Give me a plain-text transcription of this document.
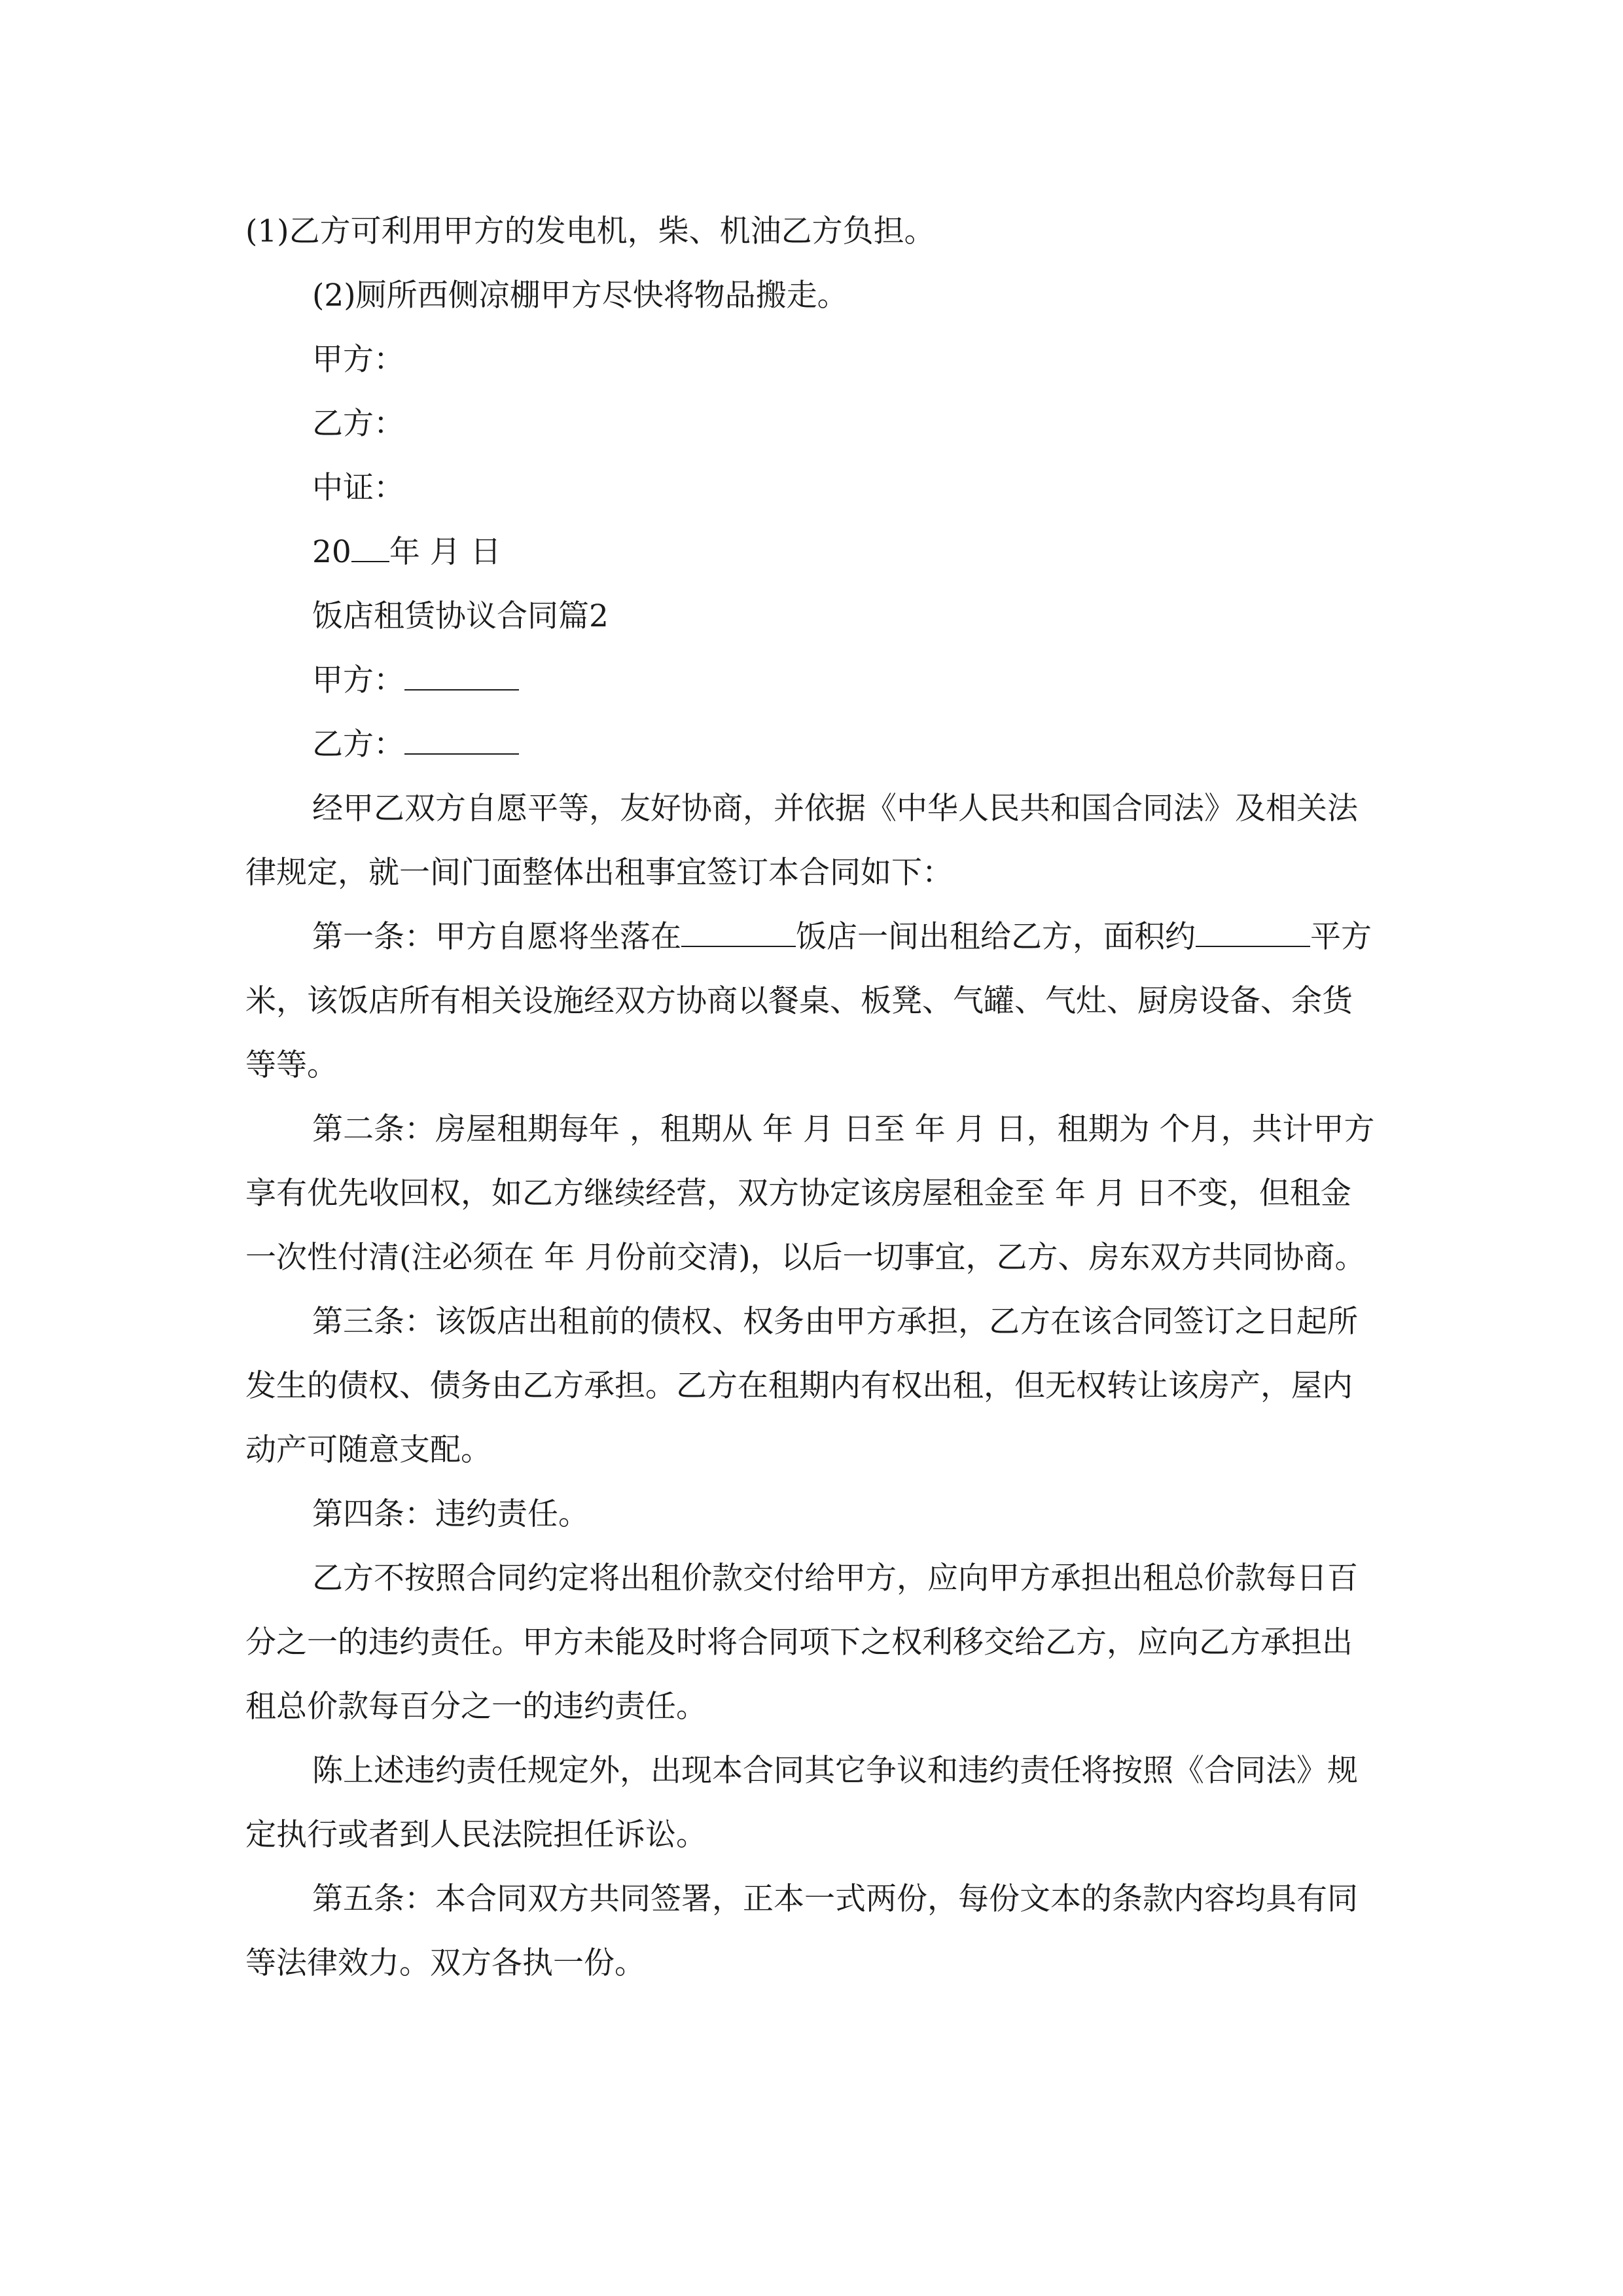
(1)乙方可利用甲方的发电机，柴、机油乙方负担。

(2)厕所西侧凉棚甲方尽快将物品搬走。

甲方：

乙方：

中证：

20 年 月 日

饭店租赁协议合同篇2

甲方：

乙方：

经甲乙双方自愿平等，友好协商，并依据《中华人民共和国合同法》及相关法律规定，就一间门面整体出租事宜签订本合同如下：

第一条：甲方自愿将坐落在	饭店一间出租给乙方，面积约	平方米，该饭店所有相关设施经双方协商以餐桌、板凳、气罐、气灶、厨房设备、余货等等。

第二条：房屋租期每年 ，租期从 年 月 日至 年 月 日，租期为 个月，共计甲方享有优先收回权，如乙方继续经营，双方协定该房屋租金至 年 月 日不变，但租金一次性付清(注必须在 年 月份前交清)，以后一切事宜，乙方、房东双方共同协商。

第三条：该饭店出租前的债权、权务由甲方承担，乙方在该合同签订之日起所发生的债权、债务由乙方承担。乙方在租期内有权出租，但无权转让该房产，屋内动产可随意支配。

第四条：违约责任。

乙方不按照合同约定将出租价款交付给甲方，应向甲方承担出租总价款每日百分之一的违约责任。甲方未能及时将合同项下之权利移交给乙方，应向乙方承担出租总价款每百分之一的违约责任。

陈上述违约责任规定外，出现本合同其它争议和违约责任将按照《合同法》规定执行或者到人民法院担任诉讼。

第五条：本合同双方共同签署，正本一式两份，每份文本的条款内容均具有同等法律效力。双方各执一份。
